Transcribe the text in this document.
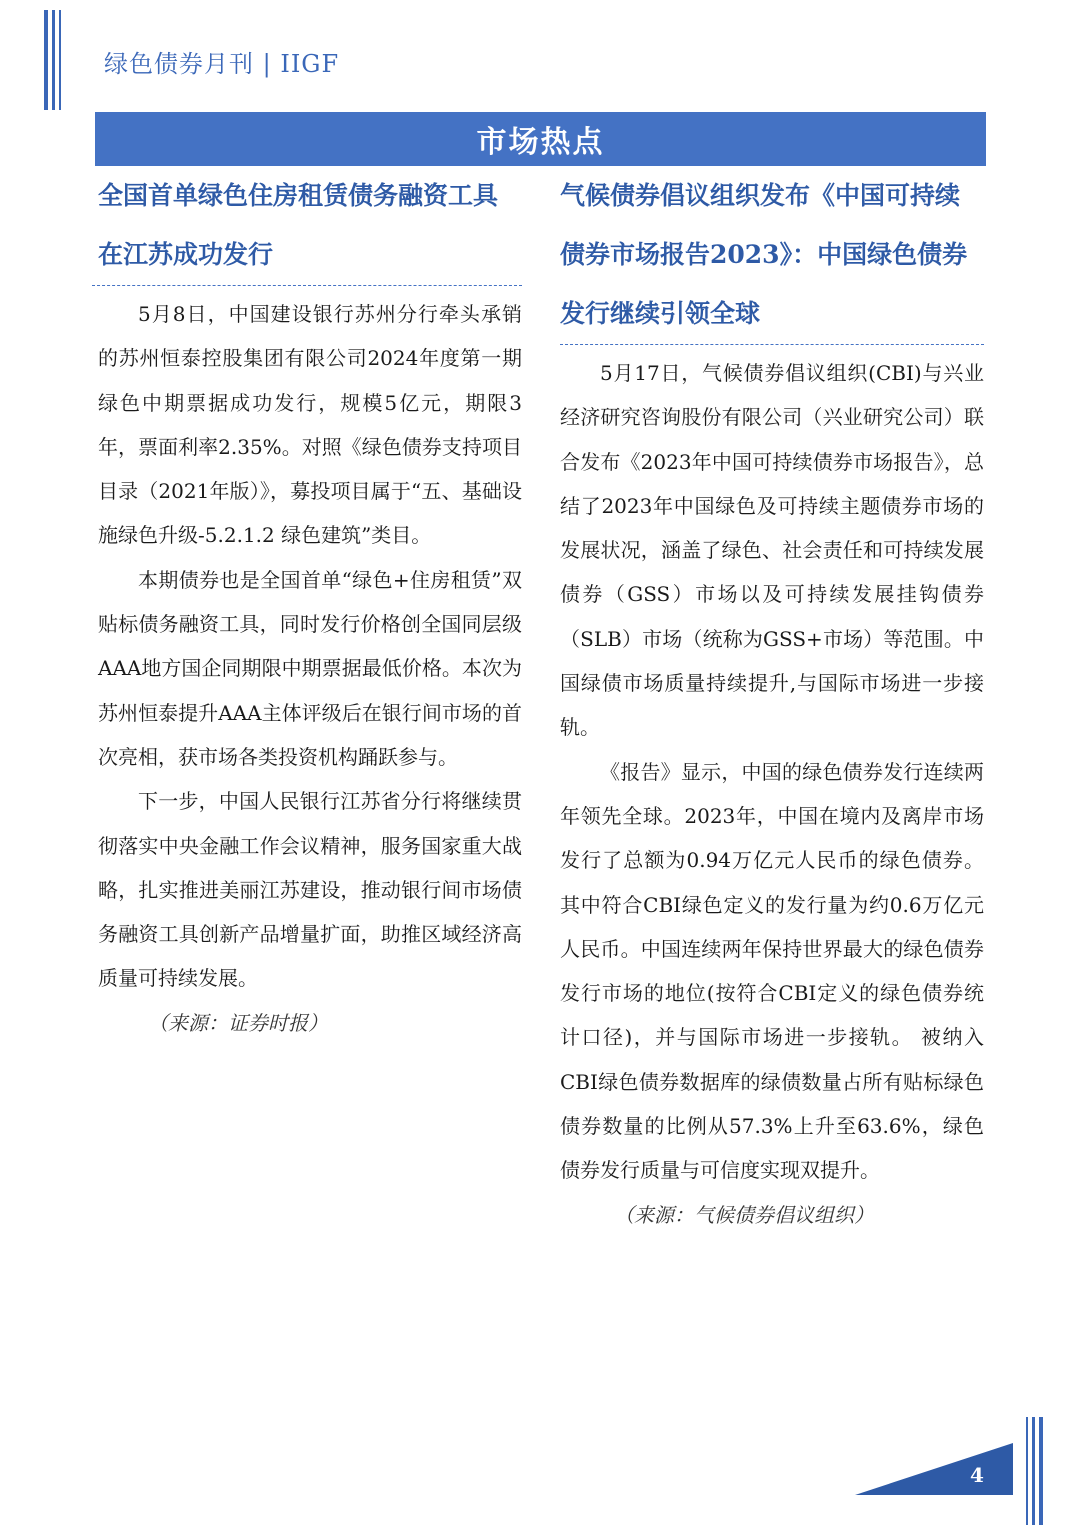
绿色债券月刊 | IIGF
市场热点
全国首单绿色住房租赁债务融资工具在江苏成功发行

5月8日，中国建设银行苏州分行牵头承销的苏州恒泰控股集团有限公司2024年度第一期绿色中期票据成功发行，规模5亿元，期限3年，票面利率2.35%。对照《绿色债券支持项目目录（2021年版）》，募投项目属于“五、基础设施绿色升级-5.2.1.2 绿色建筑”类目。

本期债券也是全国首单“绿色+住房租赁”双贴标债务融资工具，同时发行价格创全国同层级AAA地方国企同期限中期票据最低价格。本次为苏州恒泰提升AAA主体评级后在银行间市场的首次亮相，获市场各类投资机构踊跃参与。

下一步，中国人民银行江苏省分行将继续贯彻落实中央金融工作会议精神，服务国家重大战略，扎实推进美丽江苏建设，推动银行间市场债务融资工具创新产品增量扩面，助推区域经济高质量可持续发展。

（来源：证券时报）

气候债券倡议组织发布《中国可持续债券市场报告2023》：中国绿色债券发行继续引领全球

5月17日，气候债券倡议组织(CBI)与兴业经济研究咨询股份有限公司（兴业研究公司）联合发布《2023年中国可持续债券市场报告》，总结了2023年中国绿色及可持续主题债券市场的发展状况，涵盖了绿色、社会责任和可持续发展债券（GSS）市场以及可持续发展挂钩债券（SLB）市场（统称为GSS+市场）等范围。中国绿债市场质量持续提升,与国际市场进一步接轨。

《报告》显示，中国的绿色债券发行连续两年领先全球。2023年，中国在境内及离岸市场发行了总额为0.94万亿元人民币的绿色债券。其中符合CBI绿色定义的发行量为约0.6万亿元人民币。中国连续两年保持世界最大的绿色债券发行市场的地位(按符合CBI定义的绿色债券统计口径)，并与国际市场进一步接轨。 被纳入CBI绿色债券数据库的绿债数量占所有贴标绿色债券数量的比例从57.3%上升至63.6%，绿色债券发行质量与可信度实现双提升。

（来源：气候债券倡议组织）

4
